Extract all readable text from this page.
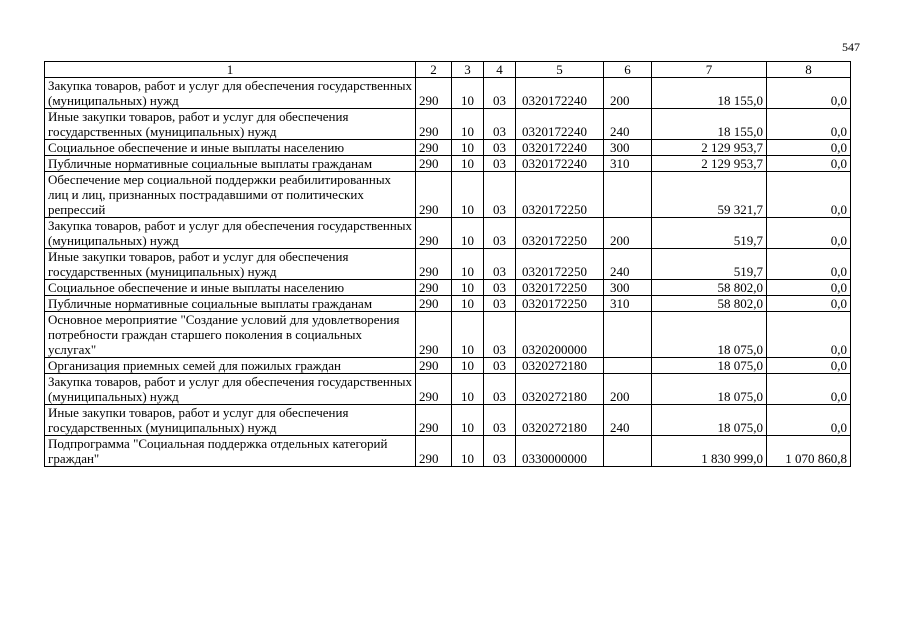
547
1	2	3	4	5	6	7	8
Закупка товаров, работ и услуг для обеспечения государственных (муниципальных) нужд	290	10	03	0320172240	200	18 155,0	0,0
Иные закупки товаров, работ и услуг для обеспечения государственных (муниципальных) нужд	290	10	03	0320172240	240	18 155,0	0,0
Социальное обеспечение и иные выплаты населению	290	10	03	0320172240	300	2 129 953,7	0,0
Публичные нормативные социальные выплаты гражданам	290	10	03	0320172240	310	2 129 953,7	0,0
Обеспечение мер социальной поддержки реабилитированных лиц и лиц, признанных пострадавшими от политических репрессий	290	10	03	0320172250		59 321,7	0,0
Закупка товаров, работ и услуг для обеспечения государственных (муниципальных) нужд	290	10	03	0320172250	200	519,7	0,0
Иные закупки товаров, работ и услуг для обеспечения государственных (муниципальных) нужд	290	10	03	0320172250	240	519,7	0,0
Социальное обеспечение и иные выплаты населению	290	10	03	0320172250	300	58 802,0	0,0
Публичные нормативные социальные выплаты гражданам	290	10	03	0320172250	310	58 802,0	0,0
Основное мероприятие "Создание условий для удовлетворения потребности граждан старшего поколения в социальных услугах"	290	10	03	0320200000		18 075,0	0,0
Организация приемных семей для пожилых граждан	290	10	03	0320272180		18 075,0	0,0
Закупка товаров, работ и услуг для обеспечения государственных (муниципальных) нужд	290	10	03	0320272180	200	18 075,0	0,0
Иные закупки товаров, работ и услуг для обеспечения государственных (муниципальных) нужд	290	10	03	0320272180	240	18 075,0	0,0
Подпрограмма "Социальная поддержка отдельных категорий граждан"	290	10	03	0330000000		1 830 999,0	1 070 860,8
